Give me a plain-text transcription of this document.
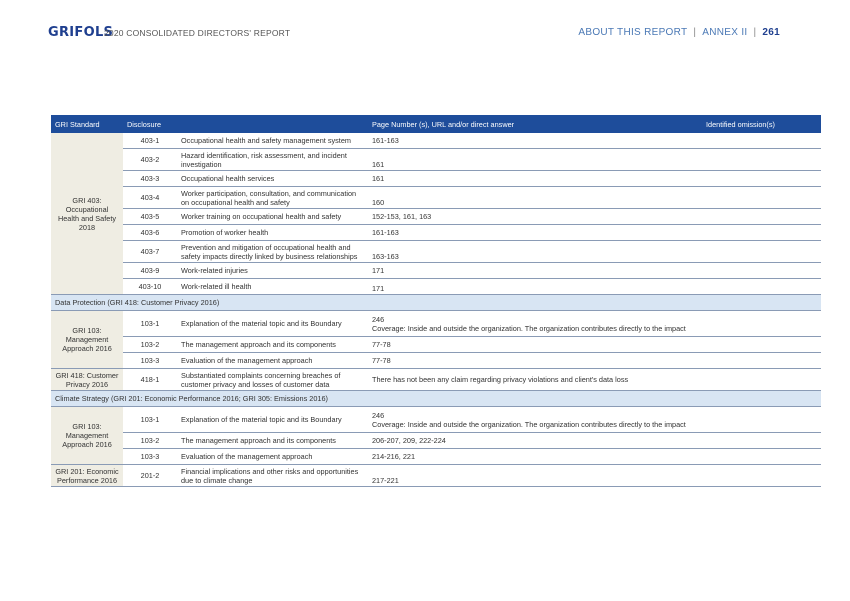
GRIFOLS
2020 CONSOLIDATED DIRECTORS' REPORT	ABOUT THIS REPORT | ANNEX II | 261
GRI Standard	Disclosure		Page Number (s), URL and/or direct answer	Identified omission(s)
GRI 403: Occupational Health and Safety 2018	403-1	Occupational health and safety management system	161-163	
	403-2	Hazard identification, risk assessment, and incident investigation	161	
	403-3	Occupational health services	161	
	403-4	Worker participation, consultation, and communication on occupational health and safety	160	
	403-5	Worker training on occupational health and safety	152-153, 161, 163	
	403-6	Promotion of worker health	161-163	
	403-7	Prevention and mitigation of occupational health and safety impacts directly linked by business relationships	163-163	
	403-9	Work-related injuries	171	
	403-10	Work-related ill health	171	
Data Protection (GRI 418: Customer Privacy 2016)				
GRI 103: Management Approach 2016	103-1	Explanation of the material topic and its Boundary	246
Coverage: Inside and outside the organization. The organization contributes directly to the impact	

	103-2	The management approach and its components	77-78	
	103-3	Evaluation of the management approach	77-78	
GRI 418: Customer Privacy 2016	418-1	Substantiated complaints concerning breaches of customer privacy and losses of customer data	There has not been any claim regarding privacy violations and client's data loss	
Climate Strategy (GRI 201: Economic Performance 2016; GRI 305: Emissions 2016)				
GRI 103: Management Approach 2016	103-1	Explanation of the material topic and its Boundary	246
Coverage: Inside and outside the organization. The organization contributes directly to the impact	

	103-2	The management approach and its components	206-207, 209, 222-224	
	103-3	Evaluation of the management approach	214-216, 221	
GRI 201: Economic Performance 2016	201-2	Financial implications and other risks and opportunities due to climate change	217-221	
